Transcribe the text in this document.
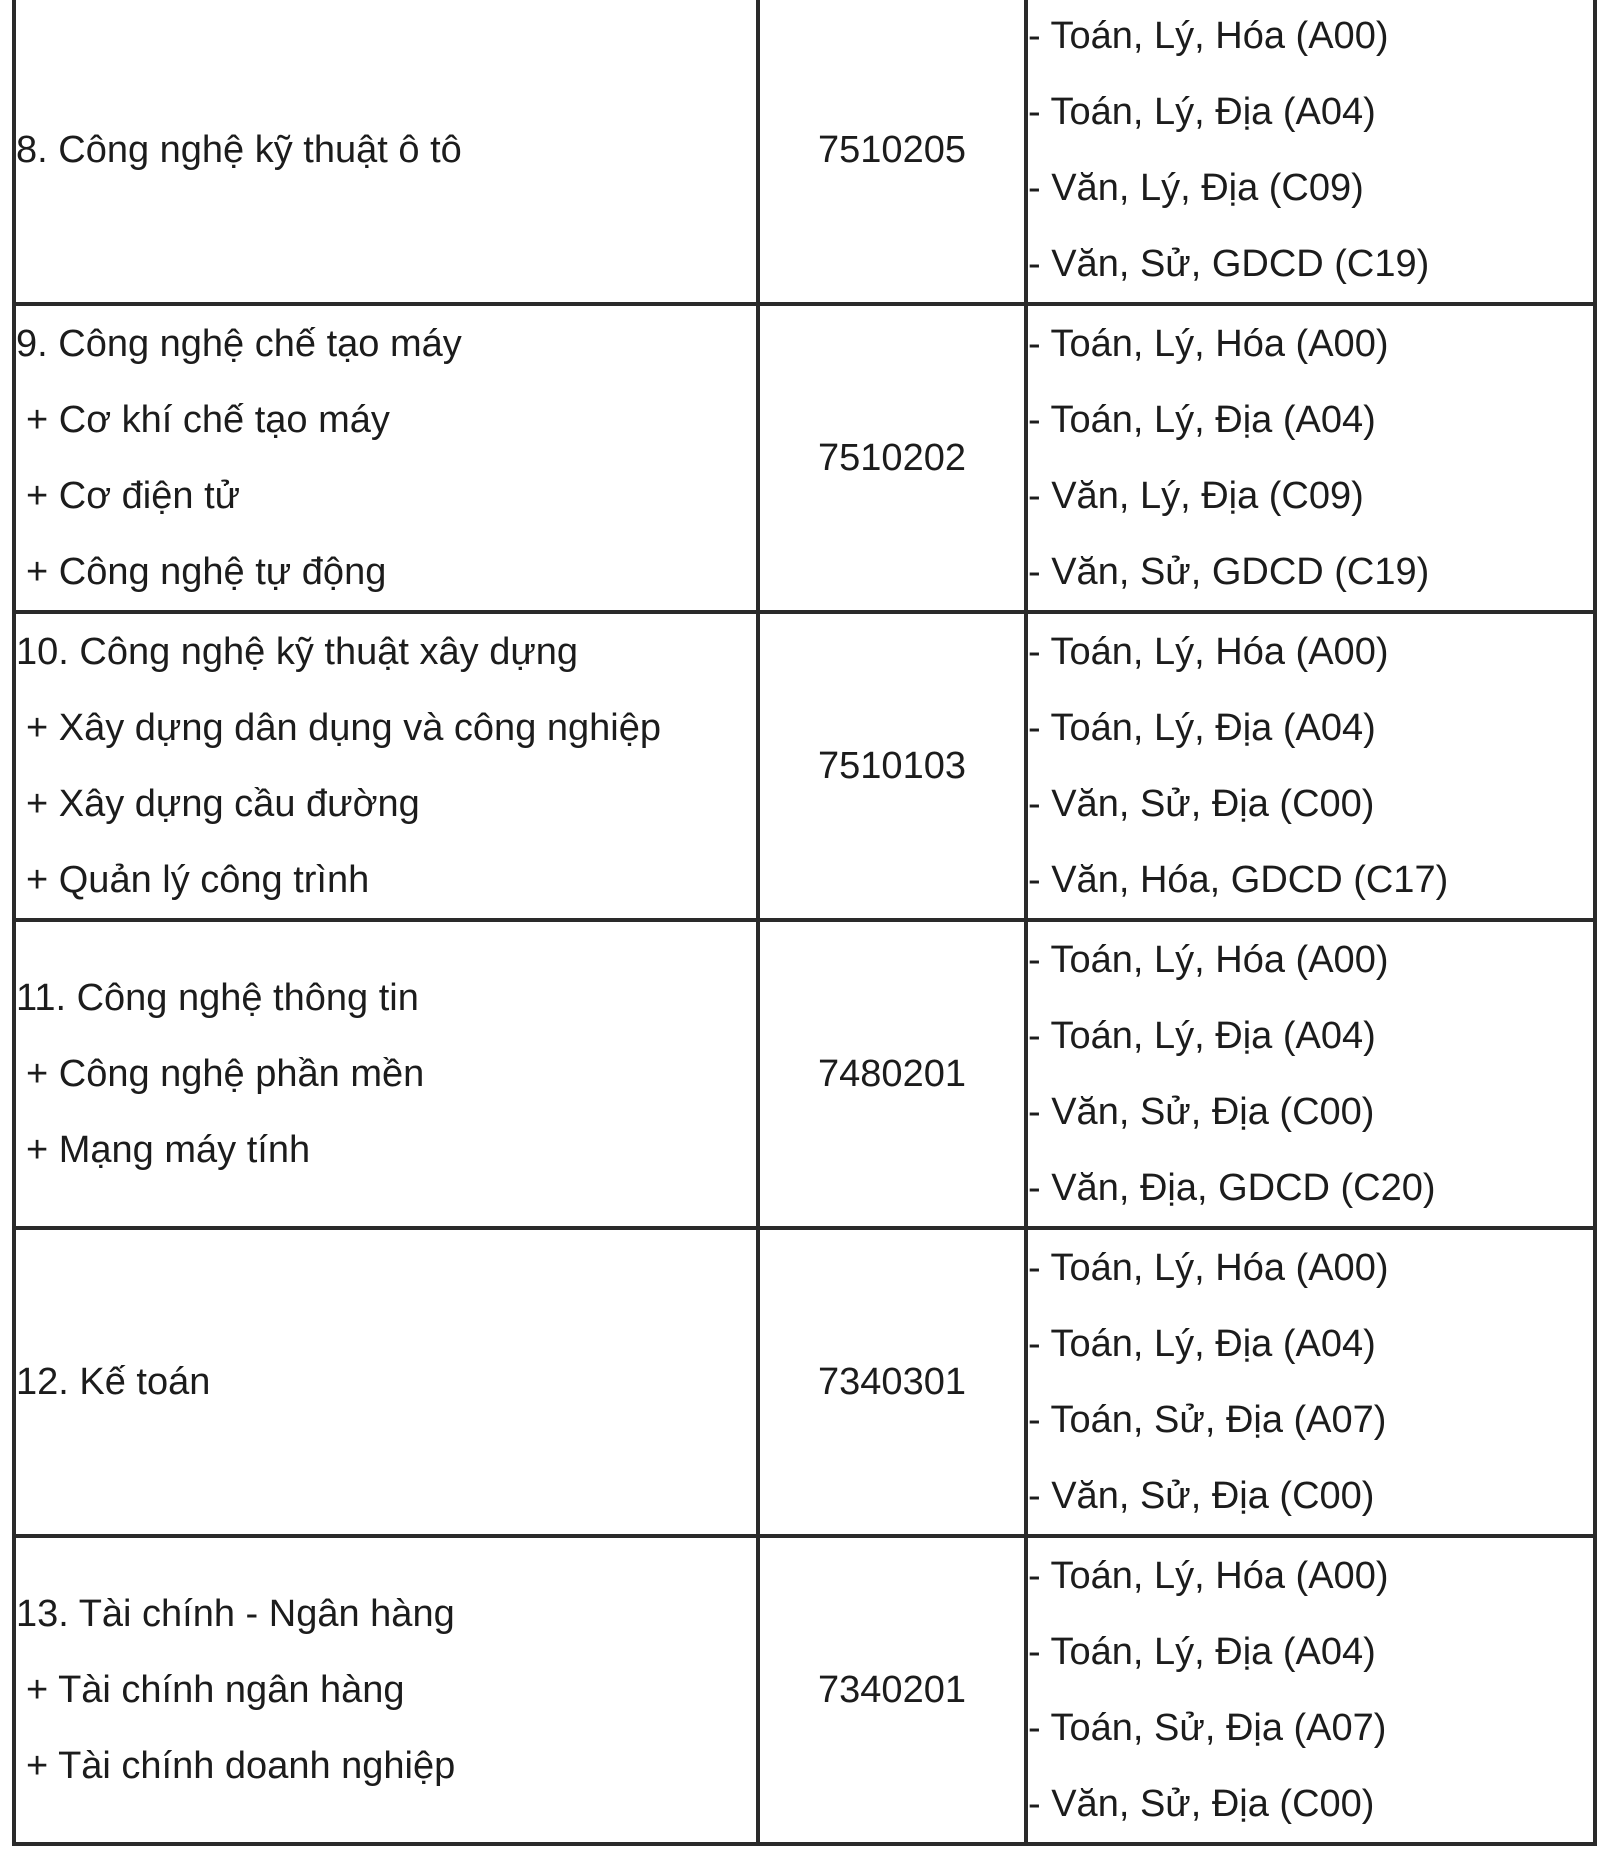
8. Công nghệ kỹ thuật ô tô	7510205	- Toán, Lý, Hóa (A00)
- Toán, Lý, Địa (A04)
- Văn, Lý, Địa (C09)
- Văn, Sử, GDCD (C19)

9. Công nghệ chế tạo máy
+ Cơ khí chế tạo máy
+ Cơ điện tử
+ Công nghệ tự động	7510202	- Toán, Lý, Hóa (A00)
- Toán, Lý, Địa (A04)
- Văn, Lý, Địa (C09)
- Văn, Sử, GDCD (C19)

10. Công nghệ kỹ thuật xây dựng
+ Xây dựng dân dụng và công nghiệp
+ Xây dựng cầu đường
+ Quản lý công trình	7510103	- Toán, Lý, Hóa (A00)
- Toán, Lý, Địa (A04)
- Văn, Sử, Địa (C00)
- Văn, Hóa, GDCD (C17)

11. Công nghệ thông tin
+ Công nghệ phần mền
+ Mạng máy tính	7480201	- Toán, Lý, Hóa (A00)
- Toán, Lý, Địa (A04)
- Văn, Sử, Địa (C00)
- Văn, Địa, GDCD (C20)

12. Kế toán	7340301	- Toán, Lý, Hóa (A00)
- Toán, Lý, Địa (A04)
- Toán, Sử, Địa (A07)
- Văn, Sử, Địa (C00)

13. Tài chính - Ngân hàng
+ Tài chính ngân hàng
+ Tài chính doanh nghiệp	7340201	- Toán, Lý, Hóa (A00)
- Toán, Lý, Địa (A04)
- Toán, Sử, Địa (A07)
- Văn, Sử, Địa (C00)
